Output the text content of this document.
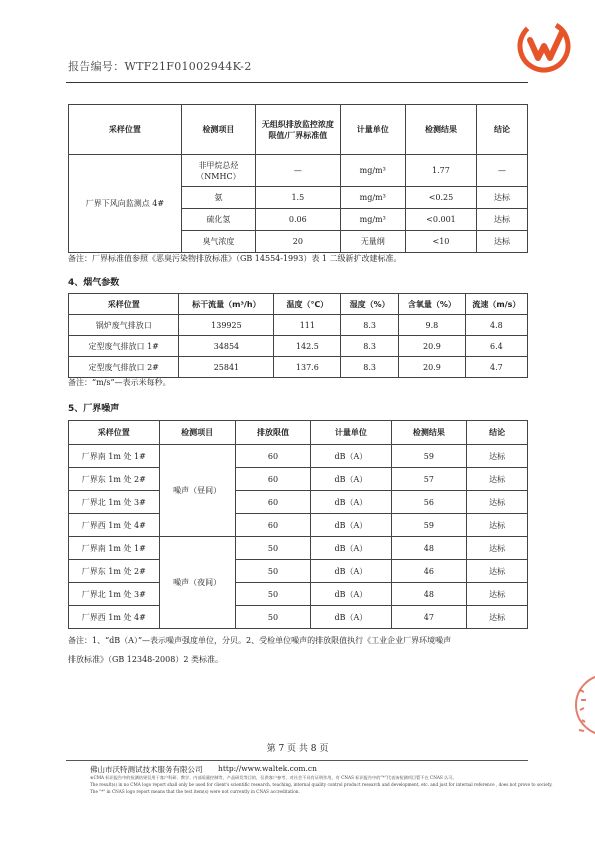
报告编号：WTF21F01002944K-2
采样位置	检测项目	无组织排放监控浓度限值/厂界标准值	计量单位	检测结果	结论
厂界下风向监测点 4#	非甲烷总烃（NMHC）	—	mg/m³	1.77	—
	氨	1.5	mg/m³	<0.25	达标
	硫化氢	0.06	mg/m³	<0.001	达标
	臭气浓度	20	无量纲	<10	达标
备注：厂界标准值参照《恶臭污染物排放标准》（GB 14554-1993）表 1 二级新扩改建标准。
4、烟气参数
采样位置	标干流量（m³/h）	温度（℃）	湿度（%）	含氧量（%）	流速（m/s）
锅炉废气排放口	139925	111	8.3	9.8	4.8
定型废气排放口 1#	34854	142.5	8.3	20.9	6.4
定型废气排放口 2#	25841	137.6	8.3	20.9	4.7
备注：“m/s”—表示米每秒。
5、厂界噪声
采样位置	检测项目	排放限值	计量单位	检测结果	结论
厂界南 1m 处 1#	噪声（昼间）	60	dB（A）	59	达标
厂界东 1m 处 2#		60	dB（A）	57	达标
厂界北 1m 处 3#		60	dB（A）	56	达标
厂界西 1m 处 4#		60	dB（A）	59	达标
厂界南 1m 处 1#	噪声（夜间）	50	dB（A）	48	达标
厂界东 1m 处 2#		50	dB（A）	46	达标
厂界北 1m 处 3#		50	dB（A）	48	达标
厂界西 1m 处 4#		50	dB（A）	47	达标
备注：1、“dB（A）”—表示噪声强度单位，分贝。2、受检单位噪声的排放限值执行《工业企业厂界环境噪声
排放标准》（GB 12348-2008）2 类标准。
第 7 页 共 8 页
佛山市沃特测试技术服务有限公司 http://www.waltek.com.cn
※CMA 标识报告中的检测结果仅用于客户科研、教学、内部质量控制等，产品研发等目的，仅供客户参考，对社会不具有证明作用。有 CNAS 标识报告中的“*”代表该检测项目暂不在 CNAS 认可。
The result(s) in no CMA logo report shall only be used for client's scientific research, teaching, internal quality control product research and development, etc. and just for internal reference , does not prove to society.
The "*" in CNAS logo report means that the test item(s) were not currently in CNAS accreditation.
